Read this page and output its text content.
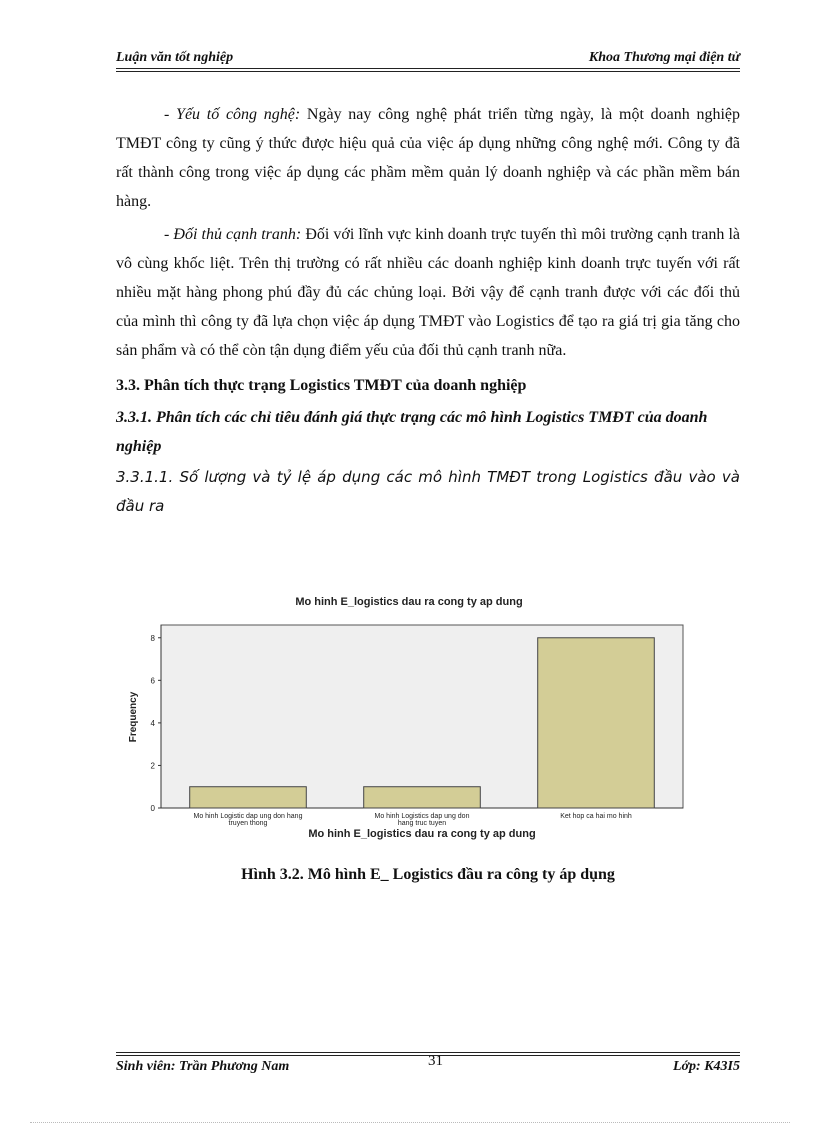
Luận văn tốt nghiệp	Khoa Thương mại điện tử

- Yếu tố công nghệ: Ngày nay công nghệ phát triển từng ngày, là một doanh nghiệp TMĐT công ty cũng ý thức được hiệu quả của việc áp dụng những công nghệ mới. Công ty đã rất thành công trong việc áp dụng các phầm mềm quản lý doanh nghiệp và các phần mềm bán hàng.

- Đối thủ cạnh tranh: Đối với lĩnh vực kinh doanh trực tuyến thì môi trường cạnh tranh là vô cùng khốc liệt. Trên thị trường có rất nhiều các doanh nghiệp kinh doanh trực tuyến với rất nhiều mặt hàng phong phú đầy đủ các chủng loại. Bởi vậy để cạnh tranh được với các đối thủ của mình thì công ty đã lựa chọn việc áp dụng TMĐT vào Logistics để tạo ra giá trị gia tăng cho sản phẩm và có thể còn tận dụng điểm yếu của đối thủ cạnh tranh nữa.

3.3. Phân tích thực trạng Logistics TMĐT của doanh nghiệp

3.3.1. Phân tích các chỉ tiêu đánh giá thực trạng các mô hình Logistics TMĐT của doanh nghiệp

3.3.1.1. Số lượng và tỷ lệ áp dụng các mô hình TMĐT trong Logistics đầu vào và đầu ra

Mo hinh E_logistics dau ra cong ty ap dung
0
2
4
6
8
Mo hinh Logistic dap ung don hang truyen thong
Mo hinh Logistics dap ung don hang truc tuyen
Ket hop ca hai mo hinh
Frequency
Mo hinh E_logistics dau ra cong ty ap dung
Hình 3.2. Mô hình E_ Logistics đầu ra công ty áp dụng
Sinh viên: Trần Phương Nam	31	Lớp: K43I5
